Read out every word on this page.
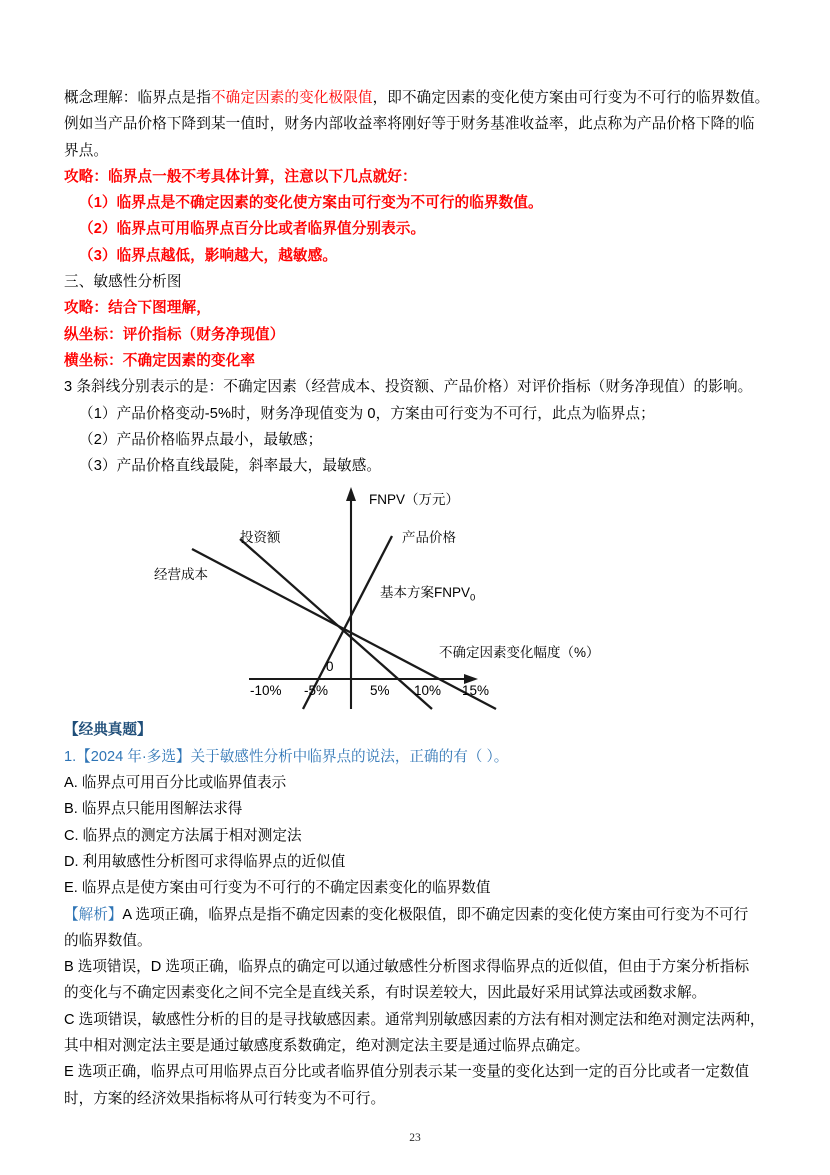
概念理解：临界点是指不确定因素的变化极限值，即不确定因素的变化使方案由可行变为不可行的临界数值。
例如当产品价格下降到某一值时，财务内部收益率将刚好等于财务基准收益率，此点称为产品价格下降的临
界点。
攻略：临界点一般不考具体计算，注意以下几点就好：
（1）临界点是不确定因素的变化使方案由可行变为不可行的临界数值。
（2）临界点可用临界点百分比或者临界值分别表示。
（3）临界点越低，影响越大，越敏感。
三、敏感性分析图
攻略：结合下图理解，
纵坐标：评价指标（财务净现值）
横坐标：不确定因素的变化率
3 条斜线分别表示的是：不确定因素（经营成本、投资额、产品价格）对评价指标（财务净现值）的影响。
（1）产品价格变动-5%时，财务净现值变为 0，方案由可行变为不可行，此点为临界点；
（2）产品价格临界点最小，最敏感；
（3）产品价格直线最陡，斜率最大，最敏感。
FNPV（万元）
不确定因素变化幅度（%）
0
基本方案$FNPV_0$
投资额	产品价格
经营成本
-10% -5%	5% 10% 15%
【经典真题】
1.【2024 年·多选】关于敏感性分析中临界点的说法，正确的有（ ）。
A. 临界点可用百分比或临界值表示
B. 临界点只能用图解法求得
C. 临界点的测定方法属于相对测定法
D. 利用敏感性分析图可求得临界点的近似值
E. 临界点是使方案由可行变为不可行的不确定因素变化的临界数值
【解析】A 选项正确，临界点是指不确定因素的变化极限值，即不确定因素的变化使方案由可行变为不可行
的临界数值。
B 选项错误，D 选项正确，临界点的确定可以通过敏感性分析图求得临界点的近似值，但由于方案分析指标
的变化与不确定因素变化之间不完全是直线关系，有时误差较大，因此最好采用试算法或函数求解。
C 选项错误，敏感性分析的目的是寻找敏感因素。通常判别敏感因素的方法有相对测定法和绝对测定法两种，
其中相对测定法主要是通过敏感度系数确定，绝对测定法主要是通过临界点确定。
E 选项正确，临界点可用临界点百分比或者临界值分别表示某一变量的变化达到一定的百分比或者一定数值
时，方案的经济效果指标将从可行转变为不可行。
23
